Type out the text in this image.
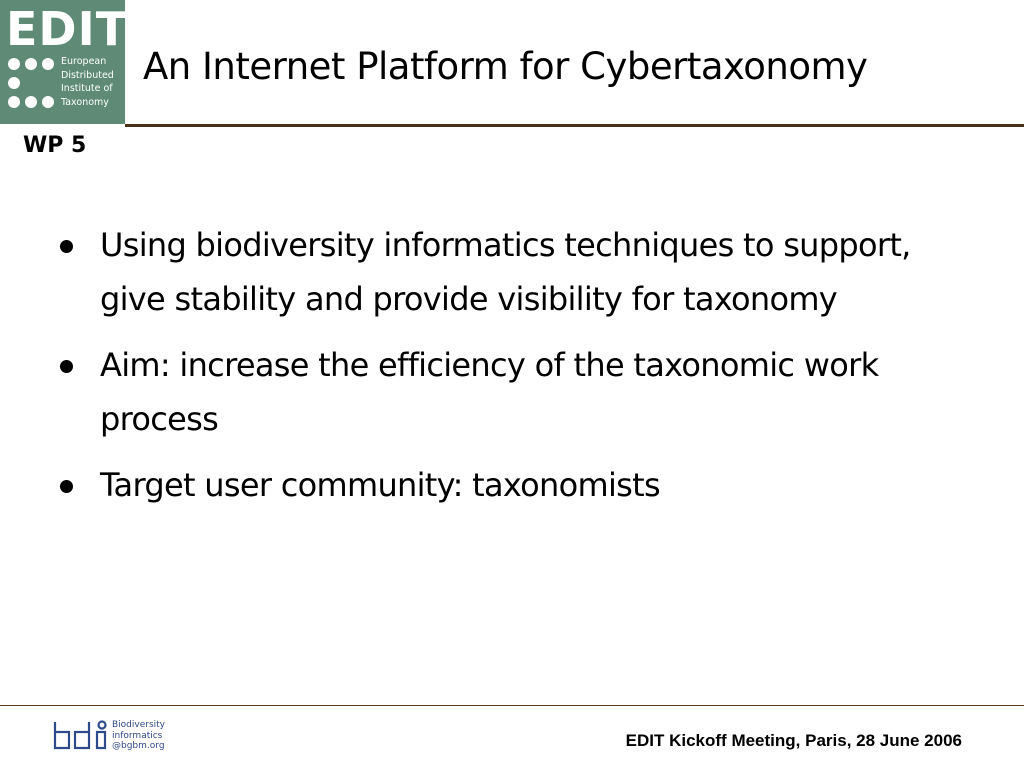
EDIT
European
Distributed
Institute of
Taxonomy
An Internet Platform for Cybertaxonomy
WP 5
Using biodiversity informatics techniques to support, give stability and provide visibility for taxonomy
Aim: increase the efficiency of the taxonomic work process
Target user community: taxonomists
Biodiversity
informatics
@bgbm.org	EDIT Kickoff Meeting, Paris, 28 June 2006
